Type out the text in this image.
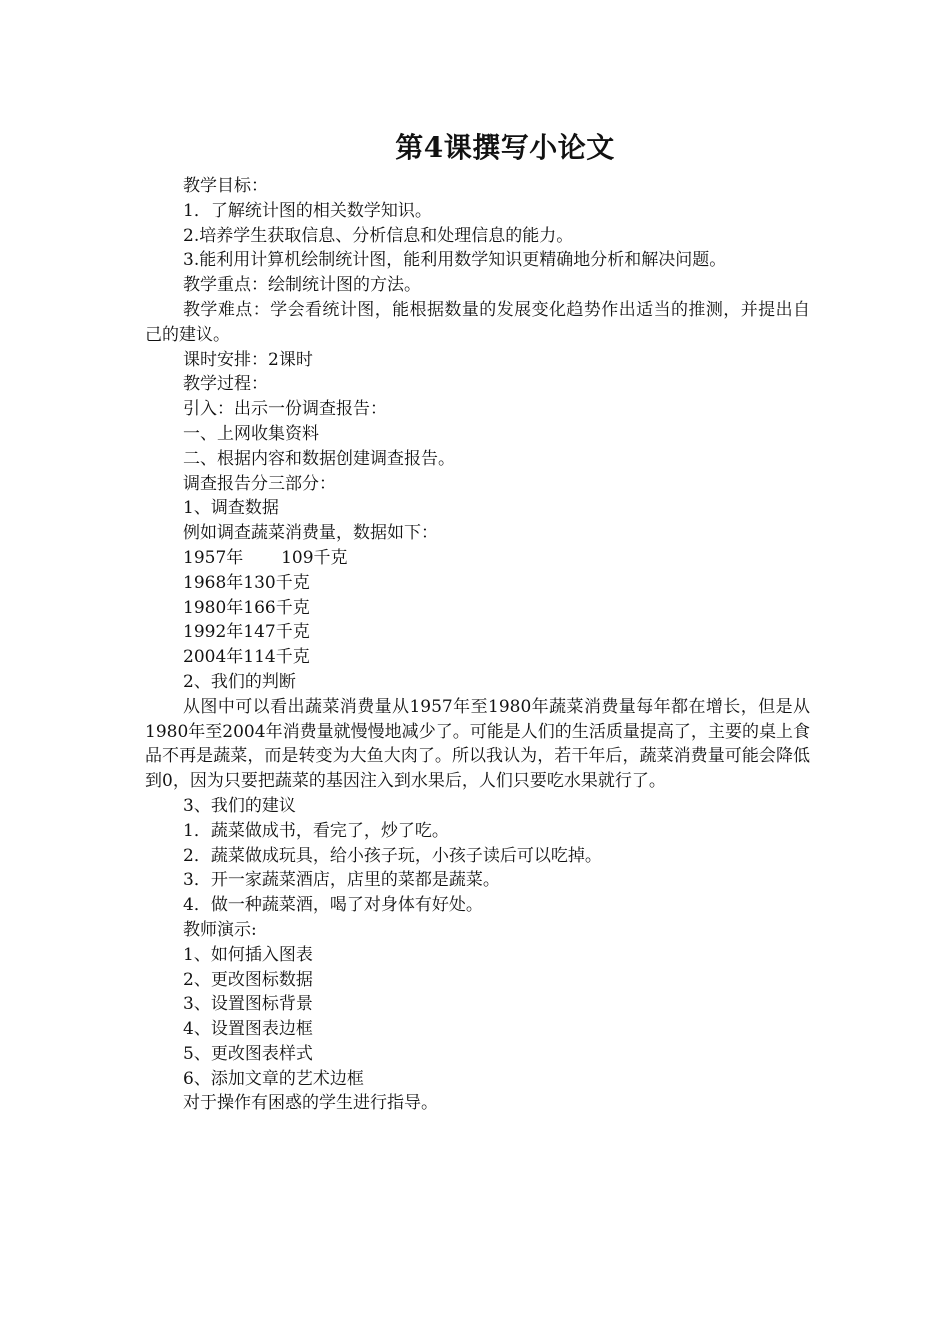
第4课撰写小论文

教学目标：

1．了解统计图的相关数学知识。

2.培养学生获取信息、分析信息和处理信息的能力。

3.能利用计算机绘制统计图，能利用数学知识更精确地分析和解决问题。

教学重点：绘制统计图的方法。

教学难点：学会看统计图，能根据数量的发展变化趋势作出适当的推测，并提出自己的建议。

课时安排：2课时

教学过程：

引入：出示一份调查报告：

一、上网收集资料

二、根据内容和数据创建调查报告。

调查报告分三部分：

1、调查数据

例如调查蔬菜消费量，数据如下：

1957年       109千克

1968年130千克

1980年166千克

1992年147千克

2004年114千克

2、我们的判断

从图中可以看出蔬菜消费量从1957年至1980年蔬菜消费量每年都在增长，但是从1980年至2004年消费量就慢慢地减少了。可能是人们的生活质量提高了，主要的桌上食品不再是蔬菜，而是转变为大鱼大肉了。所以我认为，若干年后，蔬菜消费量可能会降低到0，因为只要把蔬菜的基因注入到水果后，人们只要吃水果就行了。

3、我们的建议

1．蔬菜做成书，看完了，炒了吃。

2．蔬菜做成玩具，给小孩子玩，小孩子读后可以吃掉。

3．开一家蔬菜酒店，店里的菜都是蔬菜。

4．做一种蔬菜酒，喝了对身体有好处。

教师演示:

1、如何插入图表

2、更改图标数据

3、设置图标背景

4、设置图表边框

5、更改图表样式

6、添加文章的艺术边框

对于操作有困惑的学生进行指导。
